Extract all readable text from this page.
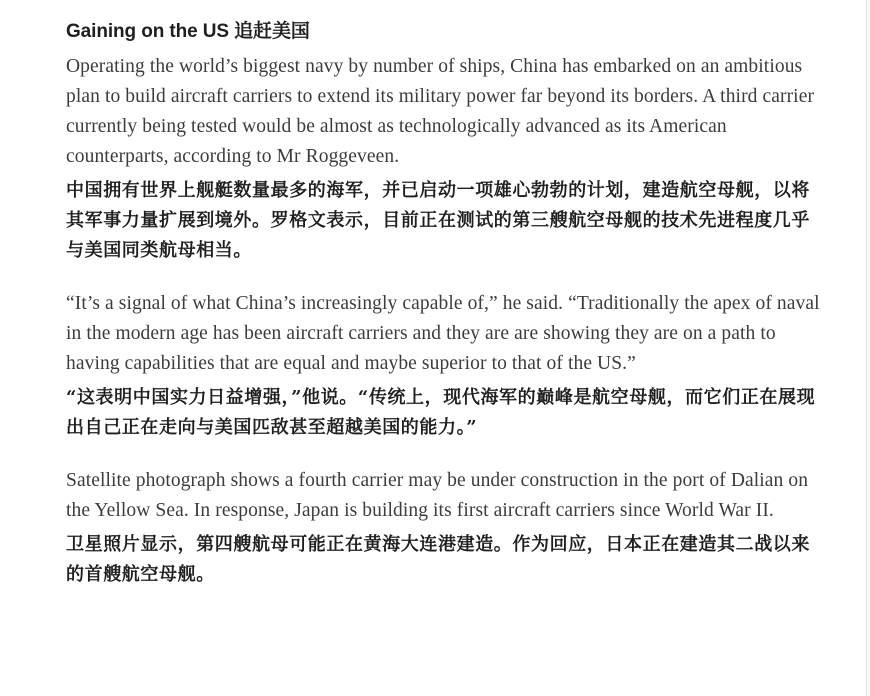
Gaining on the US 追赶美国

Operating the world’s biggest navy by number of ships, China has embarked on an ambitious plan to build aircraft carriers to extend its military power far beyond its borders. A third carrier currently being tested would be almost as technologically advanced as its American counterparts, according to Mr Roggeveen.

中国拥有世界上舰艇数量最多的海军，并已启动一项雄心勃勃的计划，建造航空母舰，以将其军事力量扩展到境外。罗格文表示，目前正在测试的第三艘航空母舰的技术先进程度几乎与美国同类航母相当。

“It’s a signal of what China’s increasingly capable of,” he said. “Traditionally the apex of naval in the modern age has been aircraft carriers and they are are showing they are on a path to having capabilities that are equal and maybe superior to that of the US.”

“这表明中国实力日益增强，”他说。“传统上，现代海军的巅峰是航空母舰，而它们正在展现出自己正在走向与美国匹敌甚至超越美国的能力。”

Satellite photograph shows a fourth carrier may be under construction in the port of Dalian on the Yellow Sea. In response, Japan is building its first aircraft carriers since World War II.

卫星照片显示，第四艘航母可能正在黄海大连港建造。作为回应，日本正在建造其二战以来的首艘航空母舰。
